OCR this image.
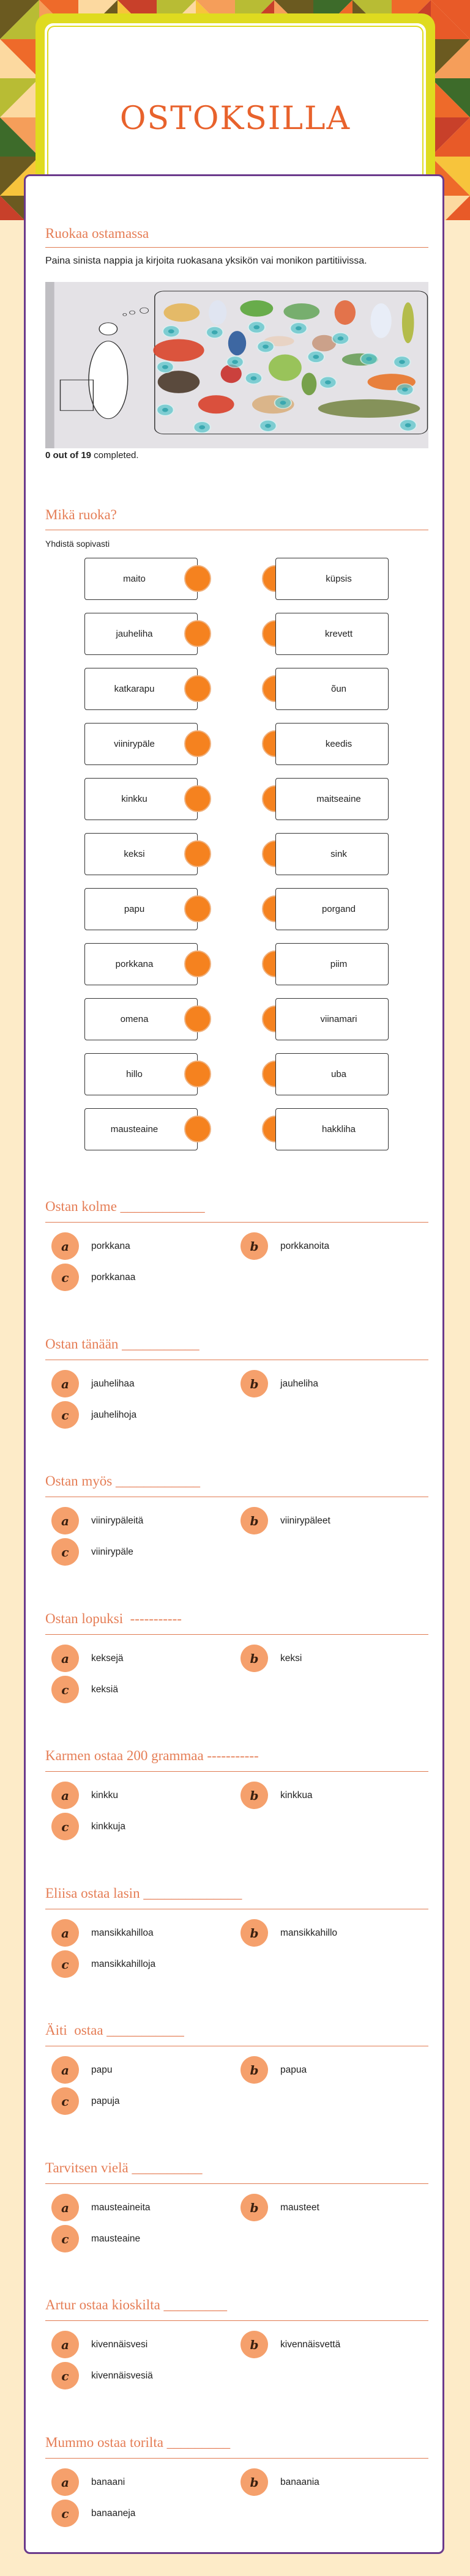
OSTOKSILLA
Ruokaa ostamassa
Paina sinista nappia ja kirjoita ruokasana yksikön vai monikon partitiivissa.
0 out of 19 completed.
Mikä ruoka?
Yhdistä sopivasti
maito	küpsis
jauheliha	krevett
katkarapu	õun
viinirypäle	keedis
kinkku	maitseaine
keksi	sink
papu	porgand
porkkana	piim
omena	viinamari
hillo	uba
mausteaine	hakkliha
Ostan kolme ____________
a	porkkana	b	porkkanoita
c	porkkanaa
Ostan tänään ___________
a	jauhelihaa	b	jauheliha
c	jauhelihoja
Ostan myös ____________
a	viinirypäleitä	b	viinirypäleet
c	viinirypäle
Ostan lopuksi  -----------
a	keksejä	b	keksi
c	keksiä
Karmen ostaa 200 grammaa -----------
a	kinkku	b	kinkkua
c	kinkkuja
Eliisa ostaa lasin ______________
a	mansikkahilloa	b	mansikkahillo
c	mansikkahilloja
Äiti  ostaa ___________
a	papu	b	papua
c	papuja
Tarvitsen vielä __________
a	mausteaineita	b	mausteet
c	mausteaine
Artur ostaa kioskilta _________
a	kivennäisvesi	b	kivennäisvettä
c	kivennäisvesiä
Mummo ostaa torilta _________
a	banaani	b	banaania
c	banaaneja
